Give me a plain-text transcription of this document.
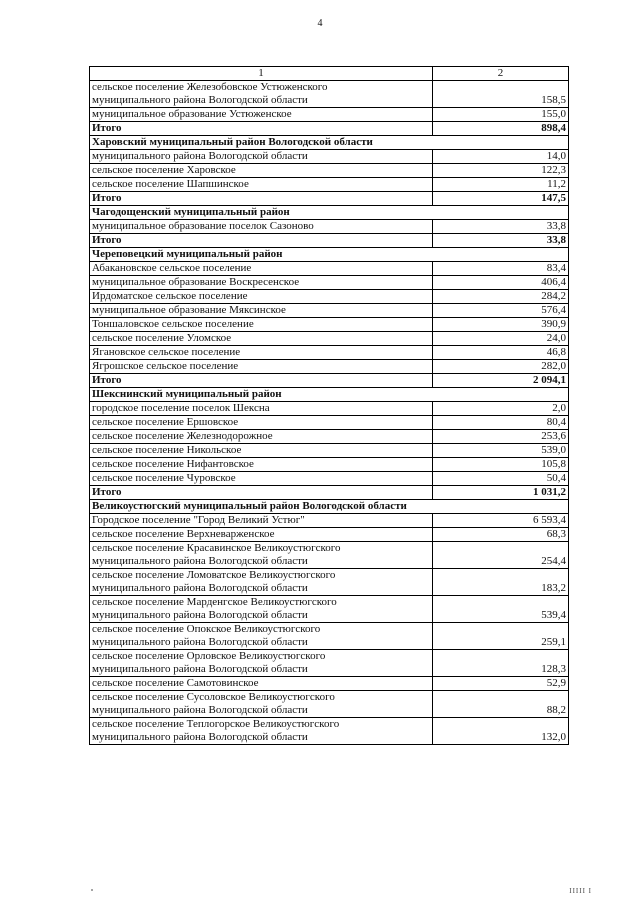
4
1	2
сельское поселение Железобовское Устюженского
муниципального района Вологодской области	158,5
муниципальное образование Устюженское	155,0
Итого	898,4
Харовский муниципальный район Вологодской области	
муниципального района Вологодской области	14,0
сельское поселение Харовское	122,3
сельское поселение Шапшинское	11,2
Итого	147,5
Чагодощенский муниципальный район	
муниципальное образование поселок Сазоново	33,8
Итого	33,8
Череповецкий муниципальный район	
Абакановское сельское поселение	83,4
муниципальное образование Воскресенское	406,4
Ирдоматское сельское поселение	284,2
муниципальное образование Мяксинское	576,4
Тоншаловское сельское поселение	390,9
сельское поселение Уломское	24,0
Ягановское сельское поселение	46,8
Ягрошское сельское поселение	282,0
Итого	2 094,1
Шекснинский муниципальный район	
городское поселение поселок Шексна	2,0
сельское поселение Ершовское	80,4
сельское поселение Железнодорожное	253,6
сельское поселение Никольское	539,0
сельское поселение Нифантовское	105,8
сельское поселение Чуровское	50,4
Итого	1 031,2
Великоустюгский муниципальный район Вологодской области	
Городское поселение "Город Великий Устюг"	6 593,4
сельское поселение Верхневарженское	68,3
сельское поселение Красавинское Великоустюгского
муниципального района Вологодской области	254,4
сельское поселение Ломоватское Великоустюгского
муниципального района Вологодской области	183,2
сельское поселение Марденгское Великоустюгского
муниципального района Вологодской области	539,4
сельское поселение Опокское Великоустюгского
муниципального района Вологодской области	259,1
сельское поселение Орловское Великоустюгского
муниципального района Вологодской области	128,3
сельское поселение Самотовинское	52,9
сельское поселение Сусоловское Великоустюгского
муниципального района Вологодской области	88,2
сельское поселение Теплогорское Великоустюгского
муниципального района Вологодской области	132,0
IIIII I
